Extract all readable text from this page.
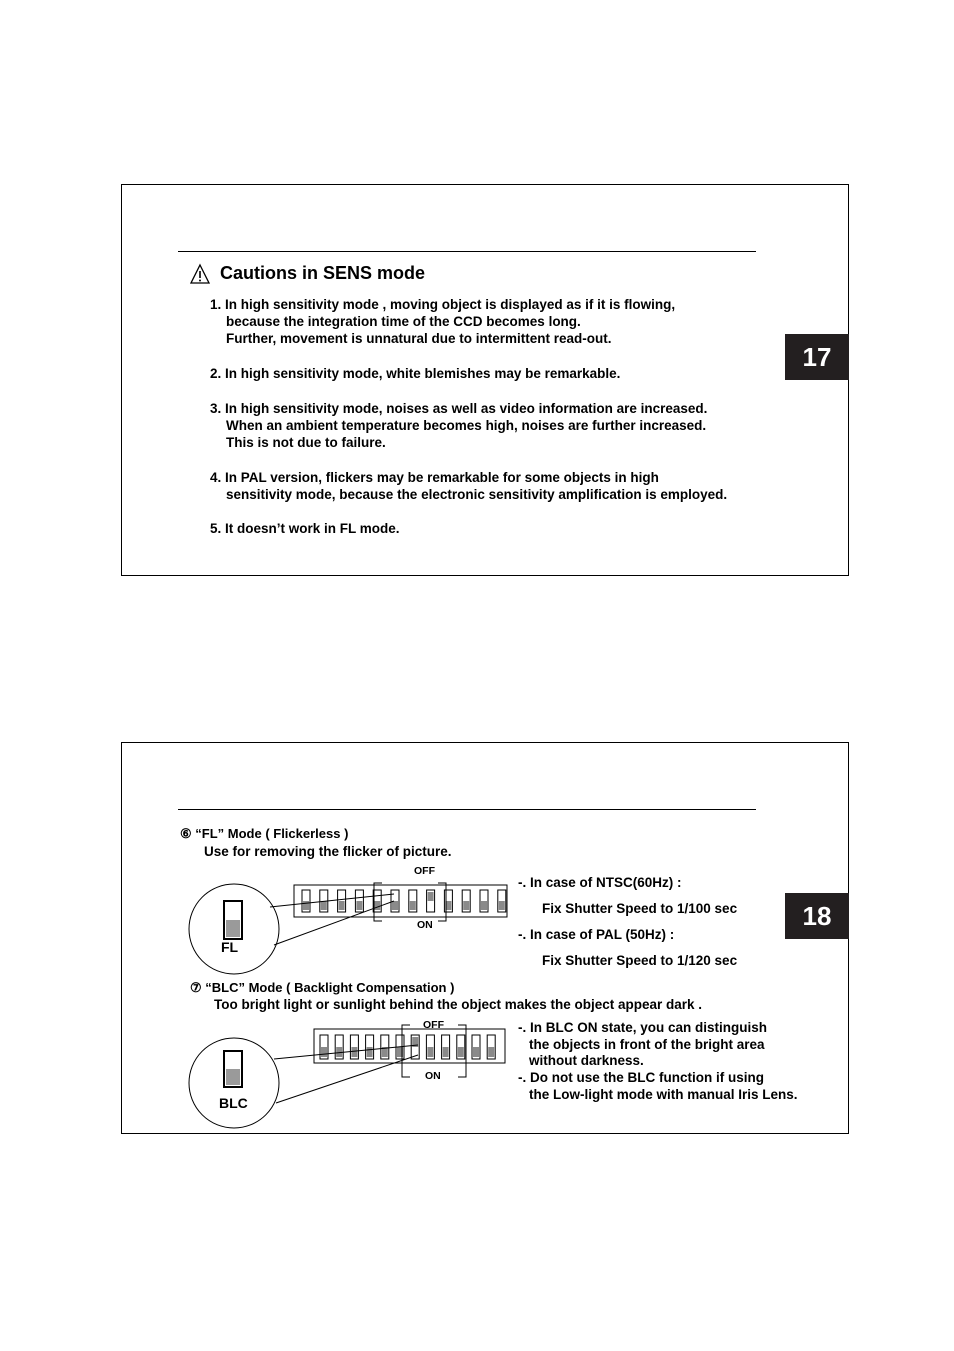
Cautions in SENS mode
1. In high sensitivity mode , moving object is displayed as if it is flowing,
because the integration time of the CCD becomes long.
Further, movement is unnatural due to intermittent read-out.
2. In high sensitivity mode, white blemishes may be remarkable.
3. In high sensitivity mode, noises as well as video information are increased.
When an ambient temperature becomes high, noises are further increased.
This is not due to failure.
4. In PAL version, flickers may be remarkable for some objects in high
sensitivity mode, because the electronic sensitivity amplification is employed.
5. It doesn’t work in FL mode.
17
⑥ “FL” Mode ( Flickerless )
Use for removing the flicker of picture.
OFF
ON
FL
-. In case of NTSC(60Hz) :
Fix Shutter Speed to 1/100 sec
-. In case of PAL (50Hz) :
Fix Shutter Speed to 1/120 sec
⑦ “BLC” Mode ( Backlight Compensation )
Too bright light or sunlight behind the object makes the object appear dark .
OFF
ON
BLC
-. In BLC ON state, you can distinguish
the objects in front of the bright area
without darkness.
-. Do not use the BLC function if using
the Low-light mode with manual Iris Lens.
18
